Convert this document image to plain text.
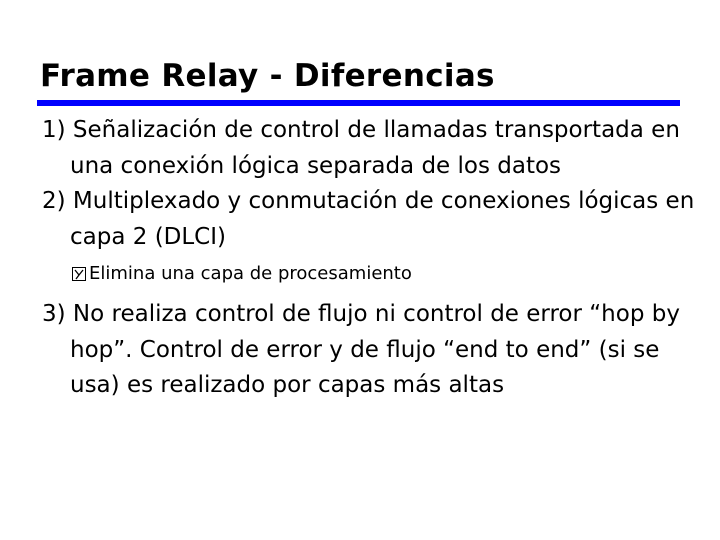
Frame Relay - Diferencias
1) Señalización de control de llamadas transportada en una conexión lógica separada de los datos
2) Multiplexado y conmutación de conexiones lógicas en capa 2 (DLCI)
Elimina una capa de procesamiento
3) No realiza control de flujo ni control de error “hop by hop”. Control de error y de flujo “end to end” (si se usa) es realizado por capas más altas
